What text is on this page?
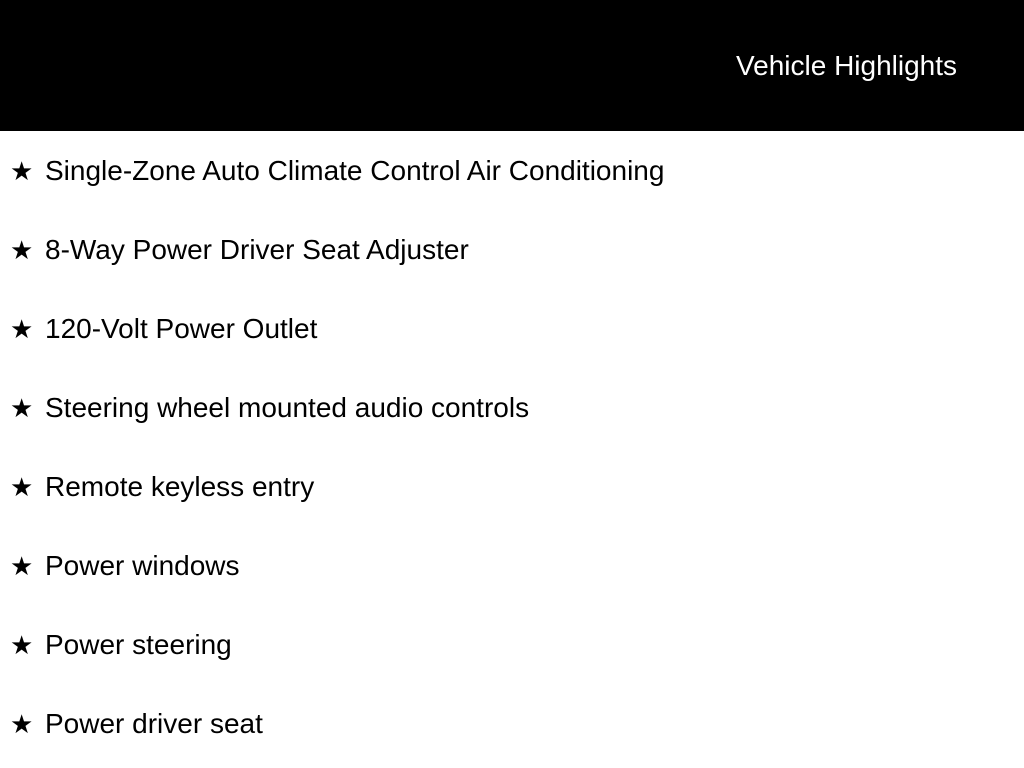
Vehicle Highlights
★ Single-Zone Auto Climate Control Air Conditioning
★ 8-Way Power Driver Seat Adjuster
★ 120-Volt Power Outlet
★ Steering wheel mounted audio controls
★ Remote keyless entry
★ Power windows
★ Power steering
★ Power driver seat
